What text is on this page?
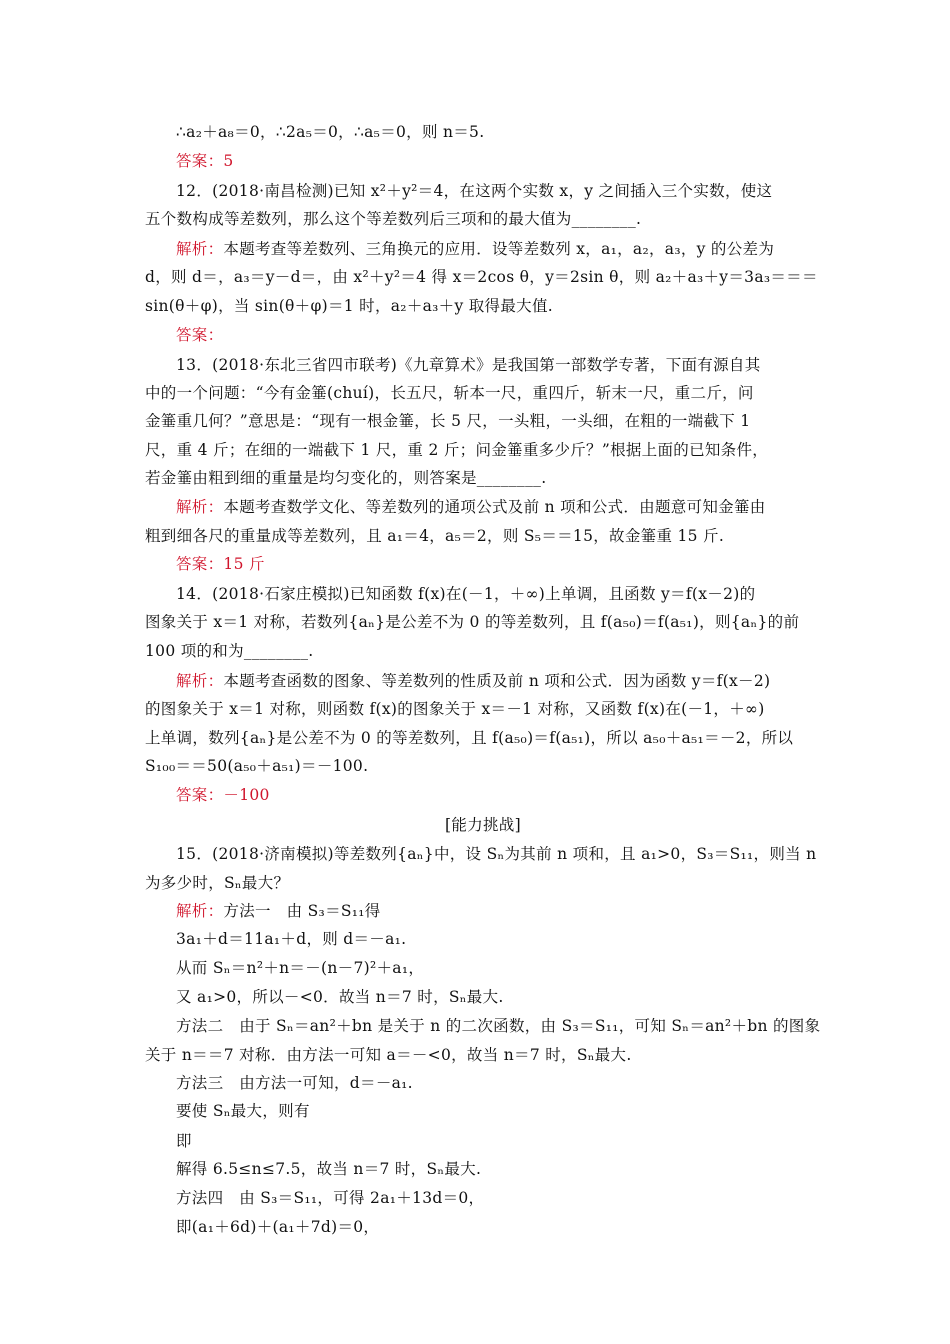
∴a₂＋a₈＝0，∴2a₅＝0，∴a₅＝0，则 n＝5.
答案：5
12．(2018·南昌检测)已知 x²＋y²＝4，在这两个实数 x，y 之间插入三个实数，使这
五个数构成等差数列，那么这个等差数列后三项和的最大值为________.
解析：本题考查等差数列、三角换元的应用．设等差数列 x，a₁，a₂，a₃，y 的公差为
d，则 d＝，a₃＝y－d＝，由 x²＋y²＝4 得 x＝2cos θ，y＝2sin θ，则 a₂＋a₃＋y＝3a₃＝＝＝
sin(θ＋φ)，当 sin(θ＋φ)＝1 时，a₂＋a₃＋y 取得最大值.
答案：
13．(2018·东北三省四市联考)《九章算术》是我国第一部数学专著，下面有源自其
中的一个问题：“今有金箠(chuí)，长五尺，斩本一尺，重四斤，斩末一尺，重二斤，问
金箠重几何？”意思是：“现有一根金箠，长 5 尺，一头粗，一头细，在粗的一端截下 1
尺，重 4 斤；在细的一端截下 1 尺，重 2 斤；问金箠重多少斤？”根据上面的已知条件，
若金箠由粗到细的重量是均匀变化的，则答案是________.
解析：本题考查数学文化、等差数列的通项公式及前 n 项和公式．由题意可知金箠由
粗到细各尺的重量成等差数列，且 a₁＝4，a₅＝2，则 S₅＝＝15，故金箠重 15 斤.
答案：15 斤
14．(2018·石家庄模拟)已知函数 f(x)在(－1，＋∞)上单调，且函数 y＝f(x－2)的
图象关于 x＝1 对称，若数列{aₙ}是公差不为 0 的等差数列，且 f(a₅₀)＝f(a₅₁)，则{aₙ}的前
100 项的和为________.
解析：本题考查函数的图象、等差数列的性质及前 n 项和公式．因为函数 y＝f(x－2)
的图象关于 x＝1 对称，则函数 f(x)的图象关于 x＝－1 对称，又函数 f(x)在(－1，＋∞)
上单调，数列{aₙ}是公差不为 0 的等差数列，且 f(a₅₀)＝f(a₅₁)，所以 a₅₀＋a₅₁＝－2，所以
S₁₀₀＝＝50(a₅₀＋a₅₁)＝－100.
答案：－100
[能力挑战]
15．(2018·济南模拟)等差数列{aₙ}中，设 Sₙ为其前 n 项和，且 a₁>0，S₃＝S₁₁，则当 n
为多少时，Sₙ最大？
解析：方法一　由 S₃＝S₁₁得
3a₁＋d＝11a₁＋d，则 d＝－a₁.
从而 Sₙ＝n²＋n＝－(n－7)²＋a₁，
又 a₁>0，所以－<0．故当 n＝7 时，Sₙ最大.
方法二　由于 Sₙ＝an²＋bn 是关于 n 的二次函数，由 S₃＝S₁₁，可知 Sₙ＝an²＋bn 的图象
关于 n＝＝7 对称．由方法一可知 a＝－<0，故当 n＝7 时，Sₙ最大.
方法三　由方法一可知，d＝－a₁.
要使 Sₙ最大，则有
即
解得 6.5≤n≤7.5，故当 n＝7 时，Sₙ最大.
方法四　由 S₃＝S₁₁，可得 2a₁＋13d＝0，
即(a₁＋6d)＋(a₁＋7d)＝0，
